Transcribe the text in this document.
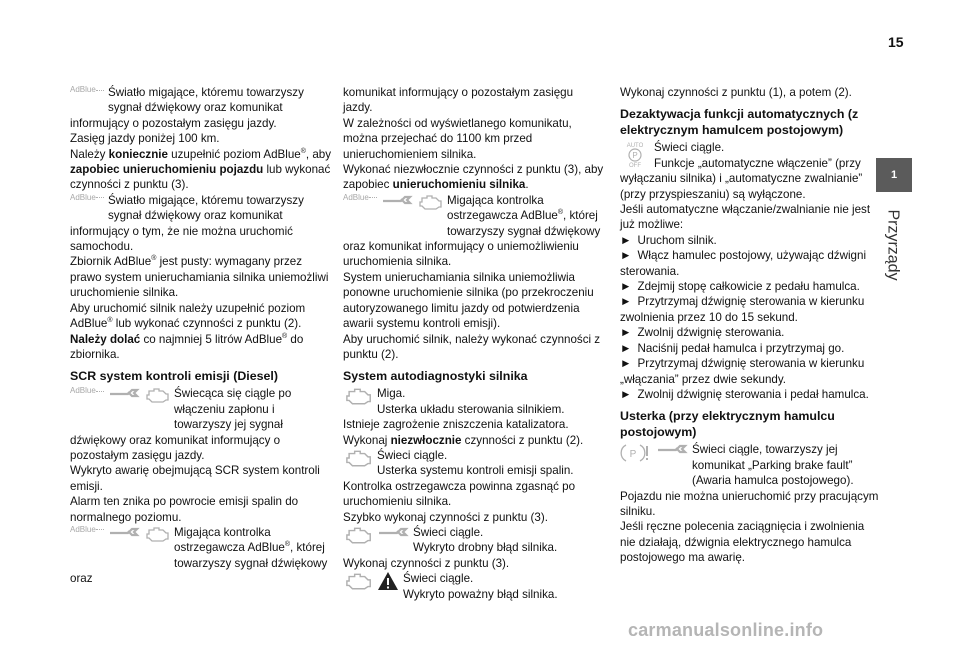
15
1
Przyrządy
AdBlue	Światło migające, któremu towarzyszy sygnał dźwiękowy oraz komunikat informujący o pozostałym zasięgu jazdy.

Zasięg jazdy poniżej 100 km.

Należy koniecznie uzupełnić poziom AdBlue®, aby zapobiec unieruchomieniu pojazdu lub wykonać czynności z punktu (3).

AdBlue	Światło migające, któremu towarzyszy sygnał dźwiękowy oraz komunikat informujący o tym, że nie można uruchomić samochodu.

Zbiornik AdBlue® jest pusty: wymagany przez prawo system unieruchamiania silnika uniemożliwi uruchomienie silnika.

Aby uruchomić silnik należy uzupełnić poziom AdBlue® lub wykonać czynności z punktu (2).

Należy dolać co najmniej 5 litrów AdBlue® do zbiornika.

SCR system kontroli emisji (Diesel)
AdBlue	Świecąca się ciągle po włączeniu zapłonu i towarzyszy jej sygnał dźwiękowy oraz komunikat informujący o pozostałym zasięgu jazdy.

Wykryto awarię obejmującą SCR system kontroli emisji.

Alarm ten znika po powrocie emisji spalin do normalnego poziomu.

AdBlue	Migająca kontrolka ostrzegawcza AdBlue®, której towarzyszy sygnał dźwiękowy oraz

komunikat informujący o pozostałym zasięgu jazdy.

W zależności od wyświetlanego komunikatu, można przejechać do 1100 km przed unieruchomieniem silnika.

Wykonać niezwłocznie czynności z punktu (3), aby zapobiec unieruchomieniu silnika.

AdBlue	Migająca kontrolka ostrzegawcza AdBlue®, której towarzyszy sygnał dźwiękowy oraz komunikat informujący o uniemożliwieniu uruchomienia silnika.

System unieruchamiania silnika uniemożliwia ponowne uruchomienie silnika (po przekroczeniu autoryzowanego limitu jazdy od potwierdzenia awarii systemu kontroli emisji).

Aby uruchomić silnik, należy wykonać czynności z punktu (2).

System autodiagnostyki silnika

Miga.

Usterka układu sterowania silnikiem.

Istnieje zagrożenie zniszczenia katalizatora.

Wykonaj niezwłocznie czynności z punktu (2).

Świeci ciągle.

Usterka systemu kontroli emisji spalin.

Kontrolka ostrzegawcza powinna zgasnąć po uruchomieniu silnika.

Szybko wykonaj czynności z punktu (3).

Świeci ciągle.

Wykryto drobny błąd silnika.

Wykonaj czynności z punktu (3).

Świeci ciągle.

Wykryto poważny błąd silnika.

Wykonaj czynności z punktu (1), a potem (2).

Dezaktywacja funkcji automatycznych (z elektrycznym hamulcem postojowym)
AUTO
P
OFF

Świeci ciągle.

Funkcje „automatyczne włączenie” (przy wyłączaniu silnika) i „automatyczne zwalnianie” (przy przyspieszaniu) są wyłączone.

Jeśli automatyczne włączanie/zwalnianie nie jest już możliwe:

► Uruchom silnik.

► Włącz hamulec postojowy, używając dźwigni sterowania.

► Zdejmij stopę całkowicie z pedału hamulca.

► Przytrzymaj dźwignię sterowania w kierunku zwolnienia przez 10 do 15 sekund.

► Zwolnij dźwignię sterowania.

► Naciśnij pedał hamulca i przytrzymaj go.

► Przytrzymaj dźwignię sterowania w kierunku „włączania” przez dwie sekundy.

► Zwolnij dźwignię sterowania i pedał hamulca.

Usterka (przy elektrycznym hamulcu postojowym)
P	Świeci ciągle, towarzyszy jej komunikat „Parking brake fault” (Awaria hamulca postojowego).

Pojazdu nie można unieruchomić przy pracującym silniku.

Jeśli ręczne polecenia zaciągnięcia i zwolnienia nie działają, dźwignia elektrycznego hamulca postojowego ma awarię.

carmanualsonline.info
